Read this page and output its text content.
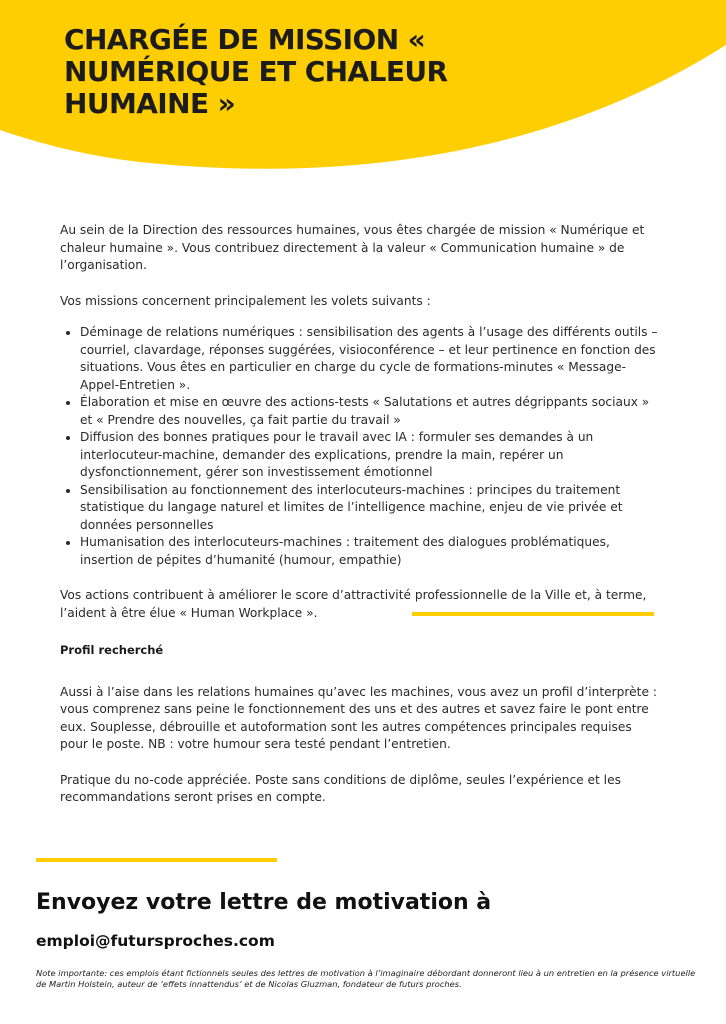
CHARGÉE DE MISSION «
NUMÉRIQUE ET CHALEUR
HUMAINE »

Au sein de la Direction des ressources humaines, vous êtes chargée de mission « Numérique et chaleur humaine ». Vous contribuez directement à la valeur « Communication humaine » de l’organisation.

Vos missions concernent principalement les volets suivants :

• Déminage de relations numériques : sensibilisation des agents à l’usage des différents outils – courriel, clavardage, réponses suggérées, visioconférence – et leur pertinence en fonction des situations. Vous êtes en particulier en charge du cycle de formations-minutes « Message-Appel-Entretien ».
• Élaboration et mise en œuvre des actions-tests « Salutations et autres dégrippants sociaux » et « Prendre des nouvelles, ça fait partie du travail »
• Diffusion des bonnes pratiques pour le travail avec IA : formuler ses demandes à un interlocuteur-machine, demander des explications, prendre la main, repérer un dysfonctionnement, gérer son investissement émotionnel
• Sensibilisation au fonctionnement des interlocuteurs-machines : principes du traitement statistique du langage naturel et limites de l’intelligence machine, enjeu de vie privée et données personnelles
• Humanisation des interlocuteurs-machines : traitement des dialogues problématiques, insertion de pépites d’humanité (humour, empathie)

Vos actions contribuent à améliorer le score d’attractivité professionnelle de la Ville et, à terme, l’aident à être élue « Human Workplace ».

Profil recherché

Aussi à l’aise dans les relations humaines qu’avec les machines, vous avez un profil d’interprète : vous comprenez sans peine le fonctionnement des uns et des autres et savez faire le pont entre eux. Souplesse, débrouille et autoformation sont les autres compétences principales requises pour le poste. NB : votre humour sera testé pendant l’entretien.

Pratique du no-code appréciée. Poste sans conditions de diplôme, seules l’expérience et les recommandations seront prises en compte.

Envoyez votre lettre de motivation à
emploi@futursproches.com

Note importante: ces emplois étant fictionnels seules des lettres de motivation à l’imaginaire débordant donneront lieu à un entretien en la présence virtuelle de Martin Holstein, auteur de ‘effets innattendus’ et de Nicolas Gluzman, fondateur de futurs proches.
